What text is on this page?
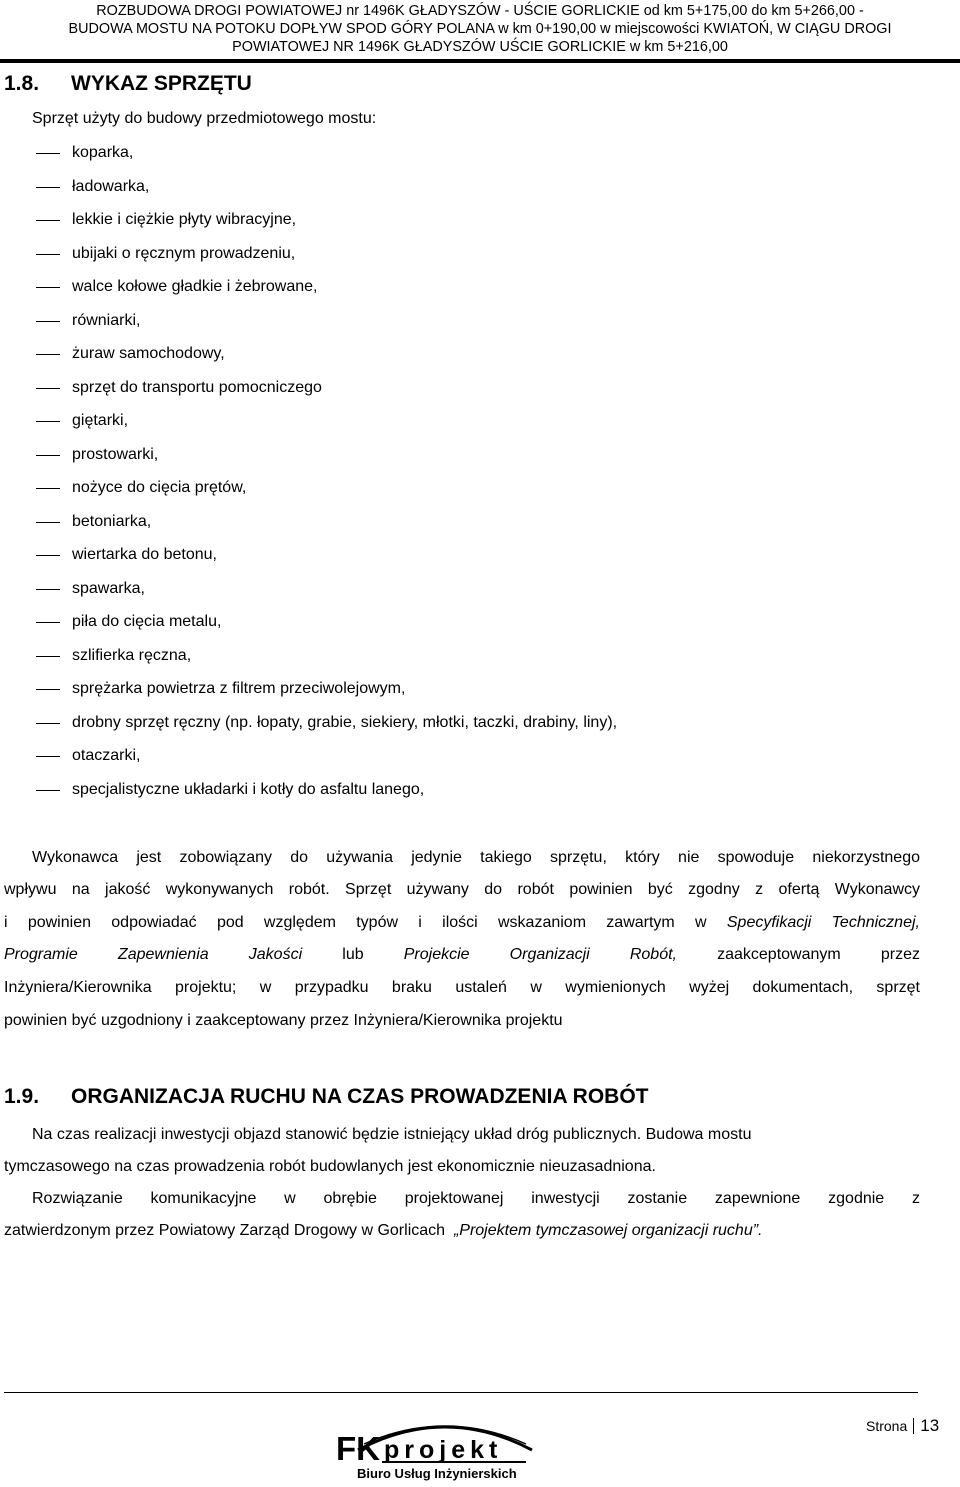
ROZBUDOWA DROGI POWIATOWEJ nr 1496K GŁADYSZÓW - UŚCIE GORLICKIE od km 5+175,00 do km 5+266,00 -
BUDOWA MOSTU NA POTOKU DOPŁYW SPOD GÓRY POLANA w km 0+190,00 w miejscowości KWIATOŃ, W CIĄGU DROGI
POWIATOWEJ NR 1496K GŁADYSZÓW UŚCIE GORLICKIE w km 5+216,00
1.8. WYKAZ SPRZĘTU
Sprzęt użyty do budowy przedmiotowego mostu:
koparka,
ładowarka,
lekkie i ciężkie płyty wibracyjne,
ubijaki o ręcznym prowadzeniu,
walce kołowe gładkie i żebrowane,
równiarki,
żuraw samochodowy,
sprzęt do transportu pomocniczego
giętarki,
prostowarki,
nożyce do cięcia prętów,
betoniarka,
wiertarka do betonu,
spawarka,
piła do cięcia metalu,
szlifierka ręczna,
sprężarka powietrza z filtrem przeciwolejowym,
drobny sprzęt ręczny (np. łopaty, grabie, siekiery, młotki, taczki, drabiny, liny),
otaczarki,
specjalistyczne układarki i kotły do asfaltu lanego,
Wykonawca jest zobowiązany do używania jedynie takiego sprzętu, który nie spowoduje niekorzystnego
wpływu na jakość wykonywanych robót. Sprzęt używany do robót powinien być zgodny z ofertą Wykonawcy
i powinien odpowiadać pod względem typów i ilości wskazaniom zawartym w Specyfikacji Technicznej,
Programie Zapewnienia Jakości	lub	Projekcie Organizacji Robót,	zaakceptowanym przez
Inżyniera/Kierownika projektu; w przypadku braku ustaleń w wymienionych wyżej dokumentach, sprzęt
powinien być uzgodniony i zaakceptowany przez Inżyniera/Kierownika projektu
1.9. ORGANIZACJA RUCHU NA CZAS PROWADZENIA ROBÓT
Na czas realizacji inwestycji objazd stanowić będzie istniejący układ dróg publicznych. Budowa mostu
tymczasowego na czas prowadzenia robót budowlanych jest ekonomicznie nieuzasadniona.
Rozwiązanie komunikacyjne w obrębie projektowanej inwestycji zostanie zapewnione zgodnie z
zatwierdzonym przez Powiatowy Zarząd Drogowy w Gorlicach „Projektem tymczasowej organizacji ruchu”.
FK projekt
Biuro Usług Inżynierskich
Strona 13
